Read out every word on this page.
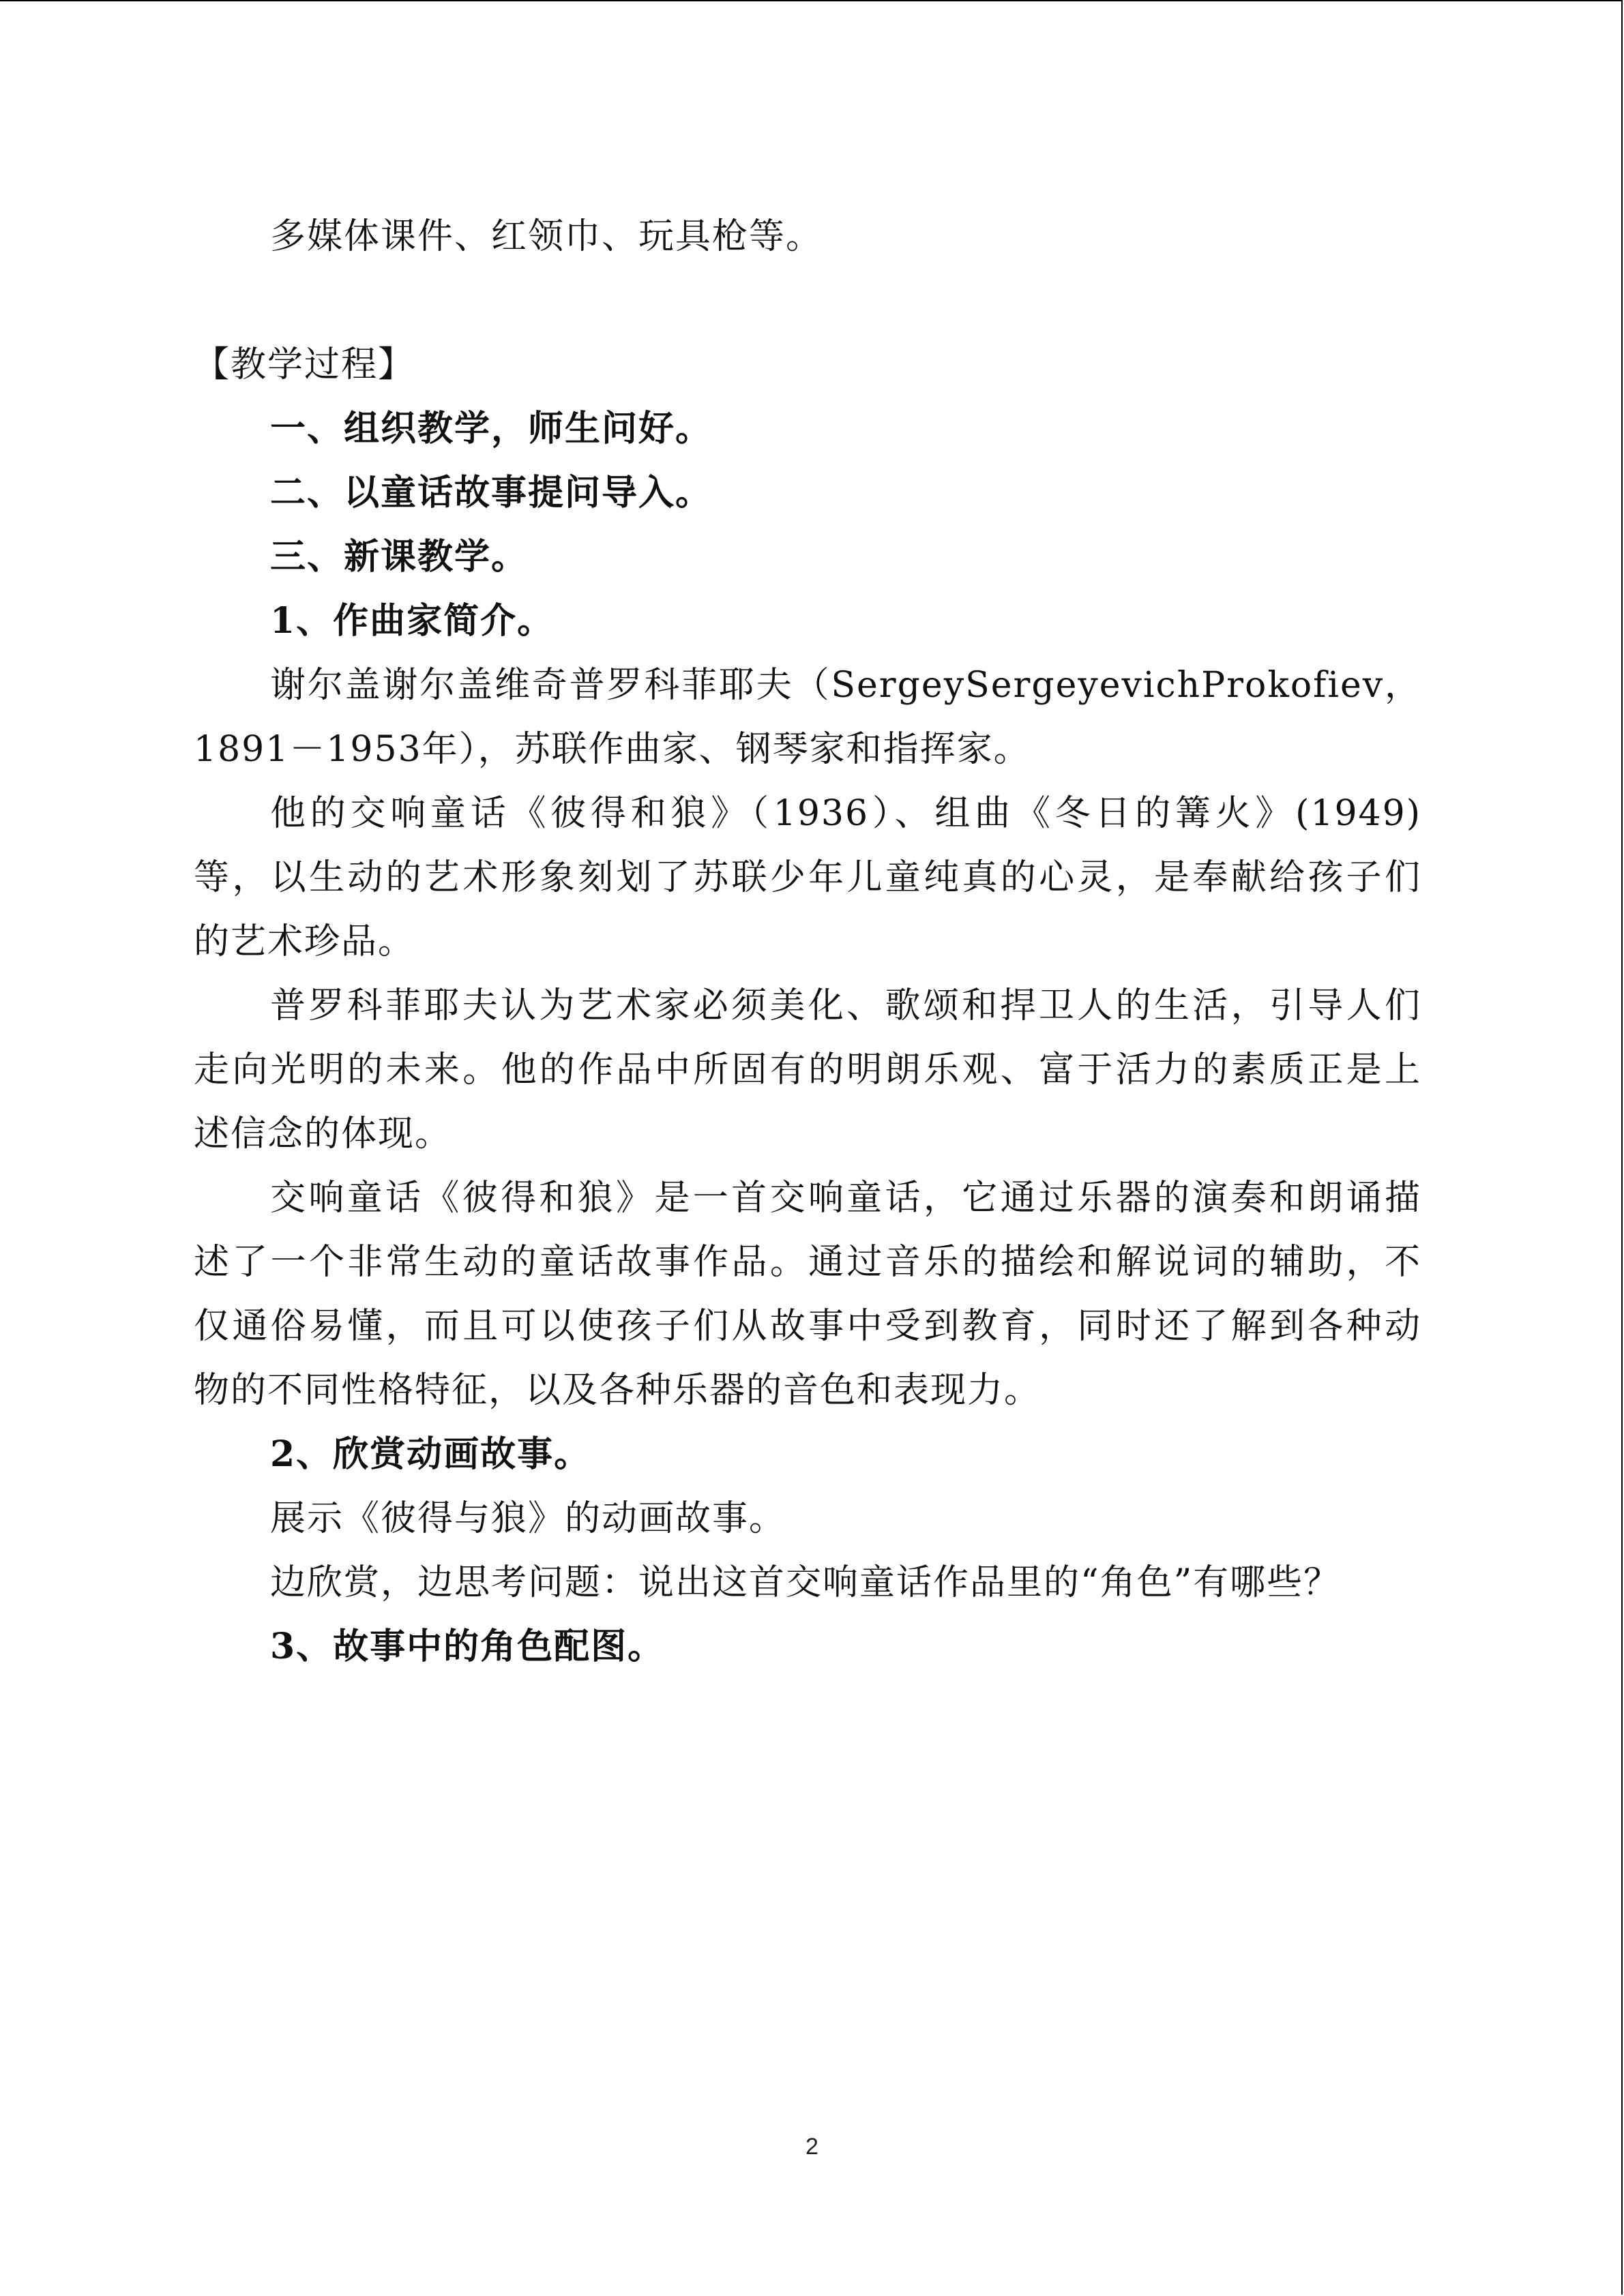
多媒体课件、红领巾、玩具枪等。
【教学过程】
一、组织教学，师生问好。
二、以童话故事提问导入。
三、新课教学。
1、作曲家简介。
谢尔盖谢尔盖维奇普罗科菲耶夫（SergeySergeyevichProkofiev，
1891－1953年），苏联作曲家、钢琴家和指挥家。
他的交响童话《彼得和狼》（1936）、组曲《冬日的篝火》(1949)
等，以生动的艺术形象刻划了苏联少年儿童纯真的心灵，是奉献给孩子们
的艺术珍品。
普罗科菲耶夫认为艺术家必须美化、歌颂和捍卫人的生活，引导人们
走向光明的未来。他的作品中所固有的明朗乐观、富于活力的素质正是上
述信念的体现。
交响童话《彼得和狼》是一首交响童话，它通过乐器的演奏和朗诵描
述了一个非常生动的童话故事作品。通过音乐的描绘和解说词的辅助，不
仅通俗易懂，而且可以使孩子们从故事中受到教育，同时还了解到各种动
物的不同性格特征，以及各种乐器的音色和表现力。
2、欣赏动画故事。
展示《彼得与狼》的动画故事。
边欣赏，边思考问题：说出这首交响童话作品里的“角色”有哪些？
3、故事中的角色配图。
2
